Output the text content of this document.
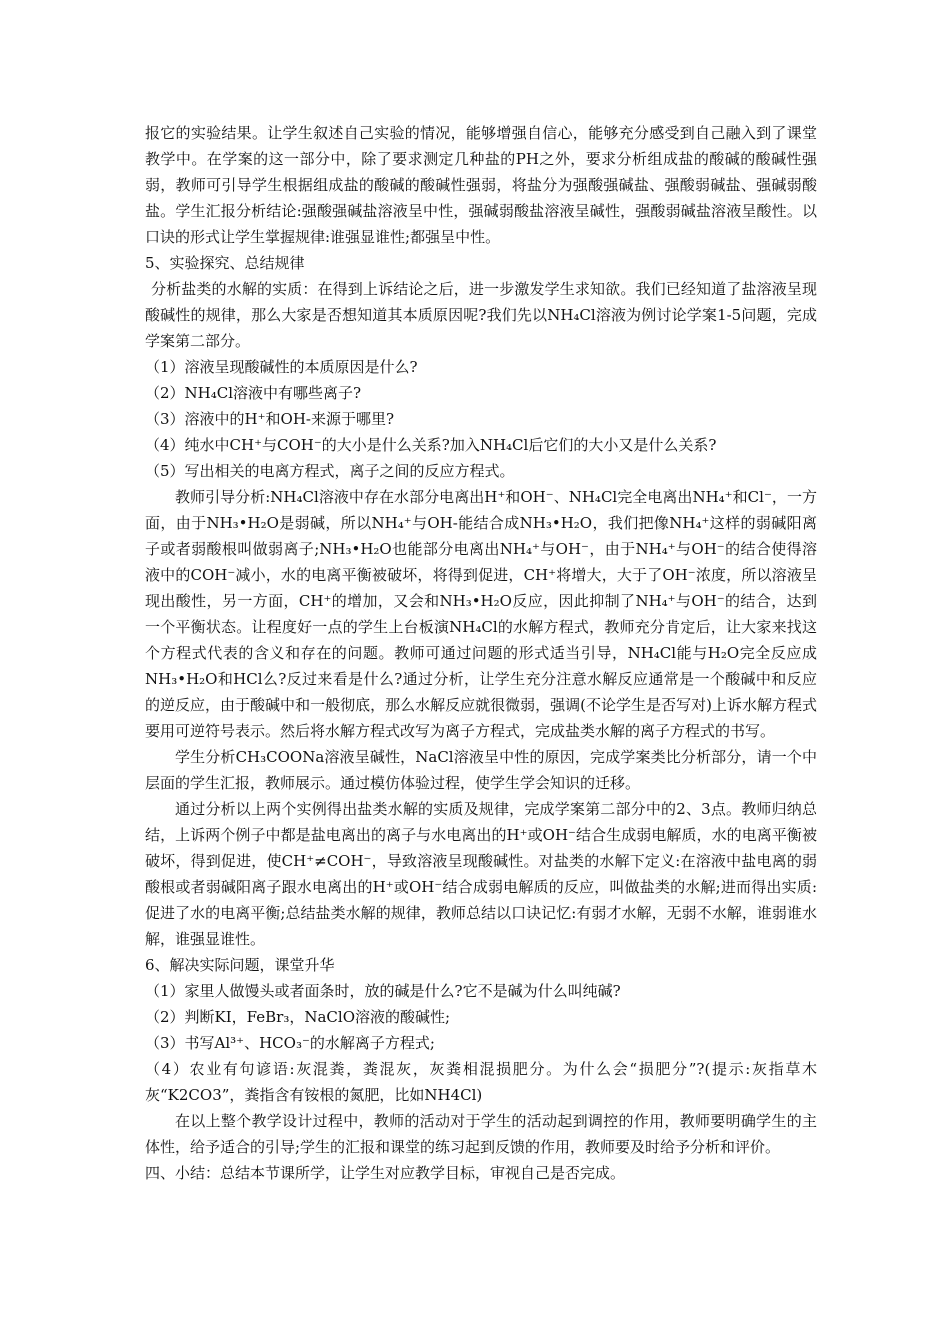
报它的实验结果。让学生叙述自己实验的情况，能够增强自信心，能够充分感受到自己融入到了课堂教学中。在学案的这一部分中，除了要求测定几种盐的PH之外，要求分析组成盐的酸碱的酸碱性强弱，教师可引导学生根据组成盐的酸碱的酸碱性强弱，将盐分为强酸强碱盐、强酸弱碱盐、强碱弱酸盐。学生汇报分析结论:强酸强碱盐溶液呈中性，强碱弱酸盐溶液呈碱性，强酸弱碱盐溶液呈酸性。以口诀的形式让学生掌握规律:谁强显谁性;都强呈中性。

5、实验探究、总结规律

分析盐类的水解的实质：在得到上诉结论之后，进一步激发学生求知欲。我们已经知道了盐溶液呈现酸碱性的规律，那么大家是否想知道其本质原因呢?我们先以NH₄Cl溶液为例讨论学案1-5问题，完成学案第二部分。

（1）溶液呈现酸碱性的本质原因是什么?

（2）NH₄Cl溶液中有哪些离子?

（3）溶液中的H⁺和OH-来源于哪里?

（4）纯水中CH⁺与COH⁻的大小是什么关系?加入NH₄Cl后它们的大小又是什么关系?

（5）写出相关的电离方程式，离子之间的反应方程式。

教师引导分析:NH₄Cl溶液中存在水部分电离出H⁺和OH⁻、NH₄Cl完全电离出NH₄⁺和Cl⁻，一方面，由于NH₃•H₂O是弱碱，所以NH₄⁺与OH-能结合成NH₃•H₂O，我们把像NH₄⁺这样的弱碱阳离子或者弱酸根叫做弱离子;NH₃•H₂O也能部分电离出NH₄⁺与OH⁻，由于NH₄⁺与OH⁻的结合使得溶液中的COH⁻减小，水的电离平衡被破坏，将得到促进，CH⁺将增大，大于了OH⁻浓度，所以溶液呈现出酸性，另一方面，CH⁺的增加，又会和NH₃•H₂O反应，因此抑制了NH₄⁺与OH⁻的结合，达到一个平衡状态。让程度好一点的学生上台板演NH₄Cl的水解方程式，教师充分肯定后，让大家来找这个方程式代表的含义和存在的问题。教师可通过问题的形式适当引导，NH₄Cl能与H₂O完全反应成NH₃•H₂O和HCl么?反过来看是什么?通过分析，让学生充分注意水解反应通常是一个酸碱中和反应的逆反应，由于酸碱中和一般彻底，那么水解反应就很微弱，强调(不论学生是否写对)上诉水解方程式要用可逆符号表示。然后将水解方程式改写为离子方程式，完成盐类水解的离子方程式的书写。

学生分析CH₃COONa溶液呈碱性，NaCl溶液呈中性的原因，完成学案类比分析部分，请一个中层面的学生汇报，教师展示。通过模仿体验过程，使学生学会知识的迁移。

通过分析以上两个实例得出盐类水解的实质及规律，完成学案第二部分中的2、3点。教师归纳总结，上诉两个例子中都是盐电离出的离子与水电离出的H⁺或OH⁻结合生成弱电解质，水的电离平衡被破坏，得到促进，使CH⁺≠COH⁻，导致溶液呈现酸碱性。对盐类的水解下定义:在溶液中盐电离的弱酸根或者弱碱阳离子跟水电离出的H⁺或OH⁻结合成弱电解质的反应，叫做盐类的水解;进而得出实质:促进了水的电离平衡;总结盐类水解的规律，教师总结以口诀记忆:有弱才水解，无弱不水解，谁弱谁水解，谁强显谁性。

6、解决实际问题，课堂升华

（1）家里人做馒头或者面条时，放的碱是什么?它不是碱为什么叫纯碱?

（2）判断KI，FeBr₃，NaClO溶液的酸碱性;

（3）书写Al³⁺、HCO₃⁻的水解离子方程式;

（4）农业有句谚语:灰混粪，粪混灰，灰粪相混损肥分。为什么会“损肥分”?(提示:灰指草木灰“K2CO3”，粪指含有铵根的氮肥，比如NH4Cl)

在以上整个教学设计过程中，教师的活动对于学生的活动起到调控的作用，教师要明确学生的主体性，给予适合的引导;学生的汇报和课堂的练习起到反馈的作用，教师要及时给予分析和评价。

四、小结：总结本节课所学，让学生对应教学目标，审视自己是否完成。
